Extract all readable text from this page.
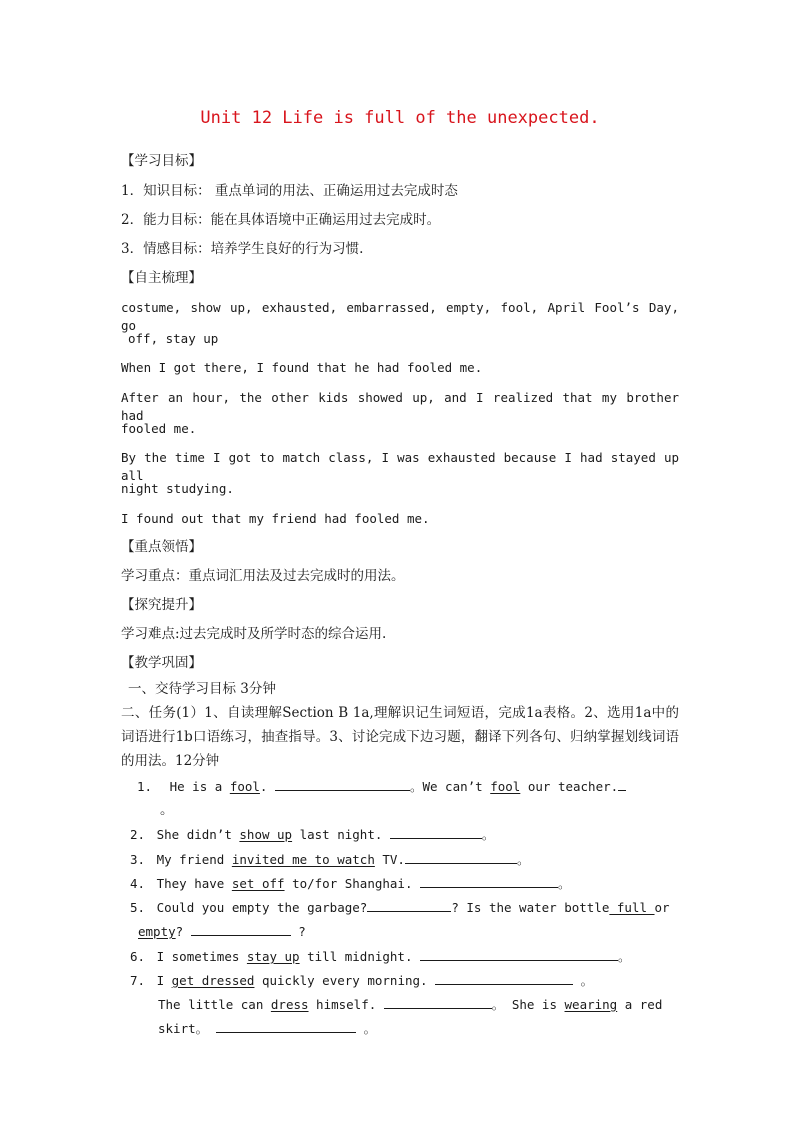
Unit 12 Life is full of the unexpected.
【学习目标】
1．知识目标： 重点单词的用法、正确运用过去完成时态
2．能力目标：能在具体语境中正确运用过去完成时。
3．情感目标：培养学生良好的行为习惯.
【自主梳理】
costume, show up, exhausted, embarrassed, empty, fool, April Fool’s Day, go
off, stay up
When I got there, I found that he had fooled me.
After an hour, the other kids showed up, and I realized that my brother had
fooled me.
By the time I got to match class, I was exhausted because I had stayed up all
night studying.
I found out that my friend had fooled me.
【重点领悟】
学习重点：重点词汇用法及过去完成时的用法。
【探究提升】
学习难点:过去完成时及所学时态的综合运用.
【教学巩固】
一、交待学习目标 3分钟
二、任务(1）1、自读理解Section B 1a,理解识记生词短语，完成1a表格。2、选用1a中的
词语进行1b口语练习，抽查指导。3、讨论完成下边习题，翻译下列各句、归纳掌握划线词语
的用法。12分钟
1. He is a fool.	。We can’t fool our teacher.
。
2. She didn’t show up last night.	。
3. My friend invited me to watch TV.	。
4. They have set off to/for Shanghai.	。
5. Could you empty the garbage?	? Is the water bottle full or
empty?	?
6. I sometimes stay up till midnight.	。
7. I get dressed quickly every morning.	。
The little can dress himself.	。 She is wearing a red
skirt。	。
